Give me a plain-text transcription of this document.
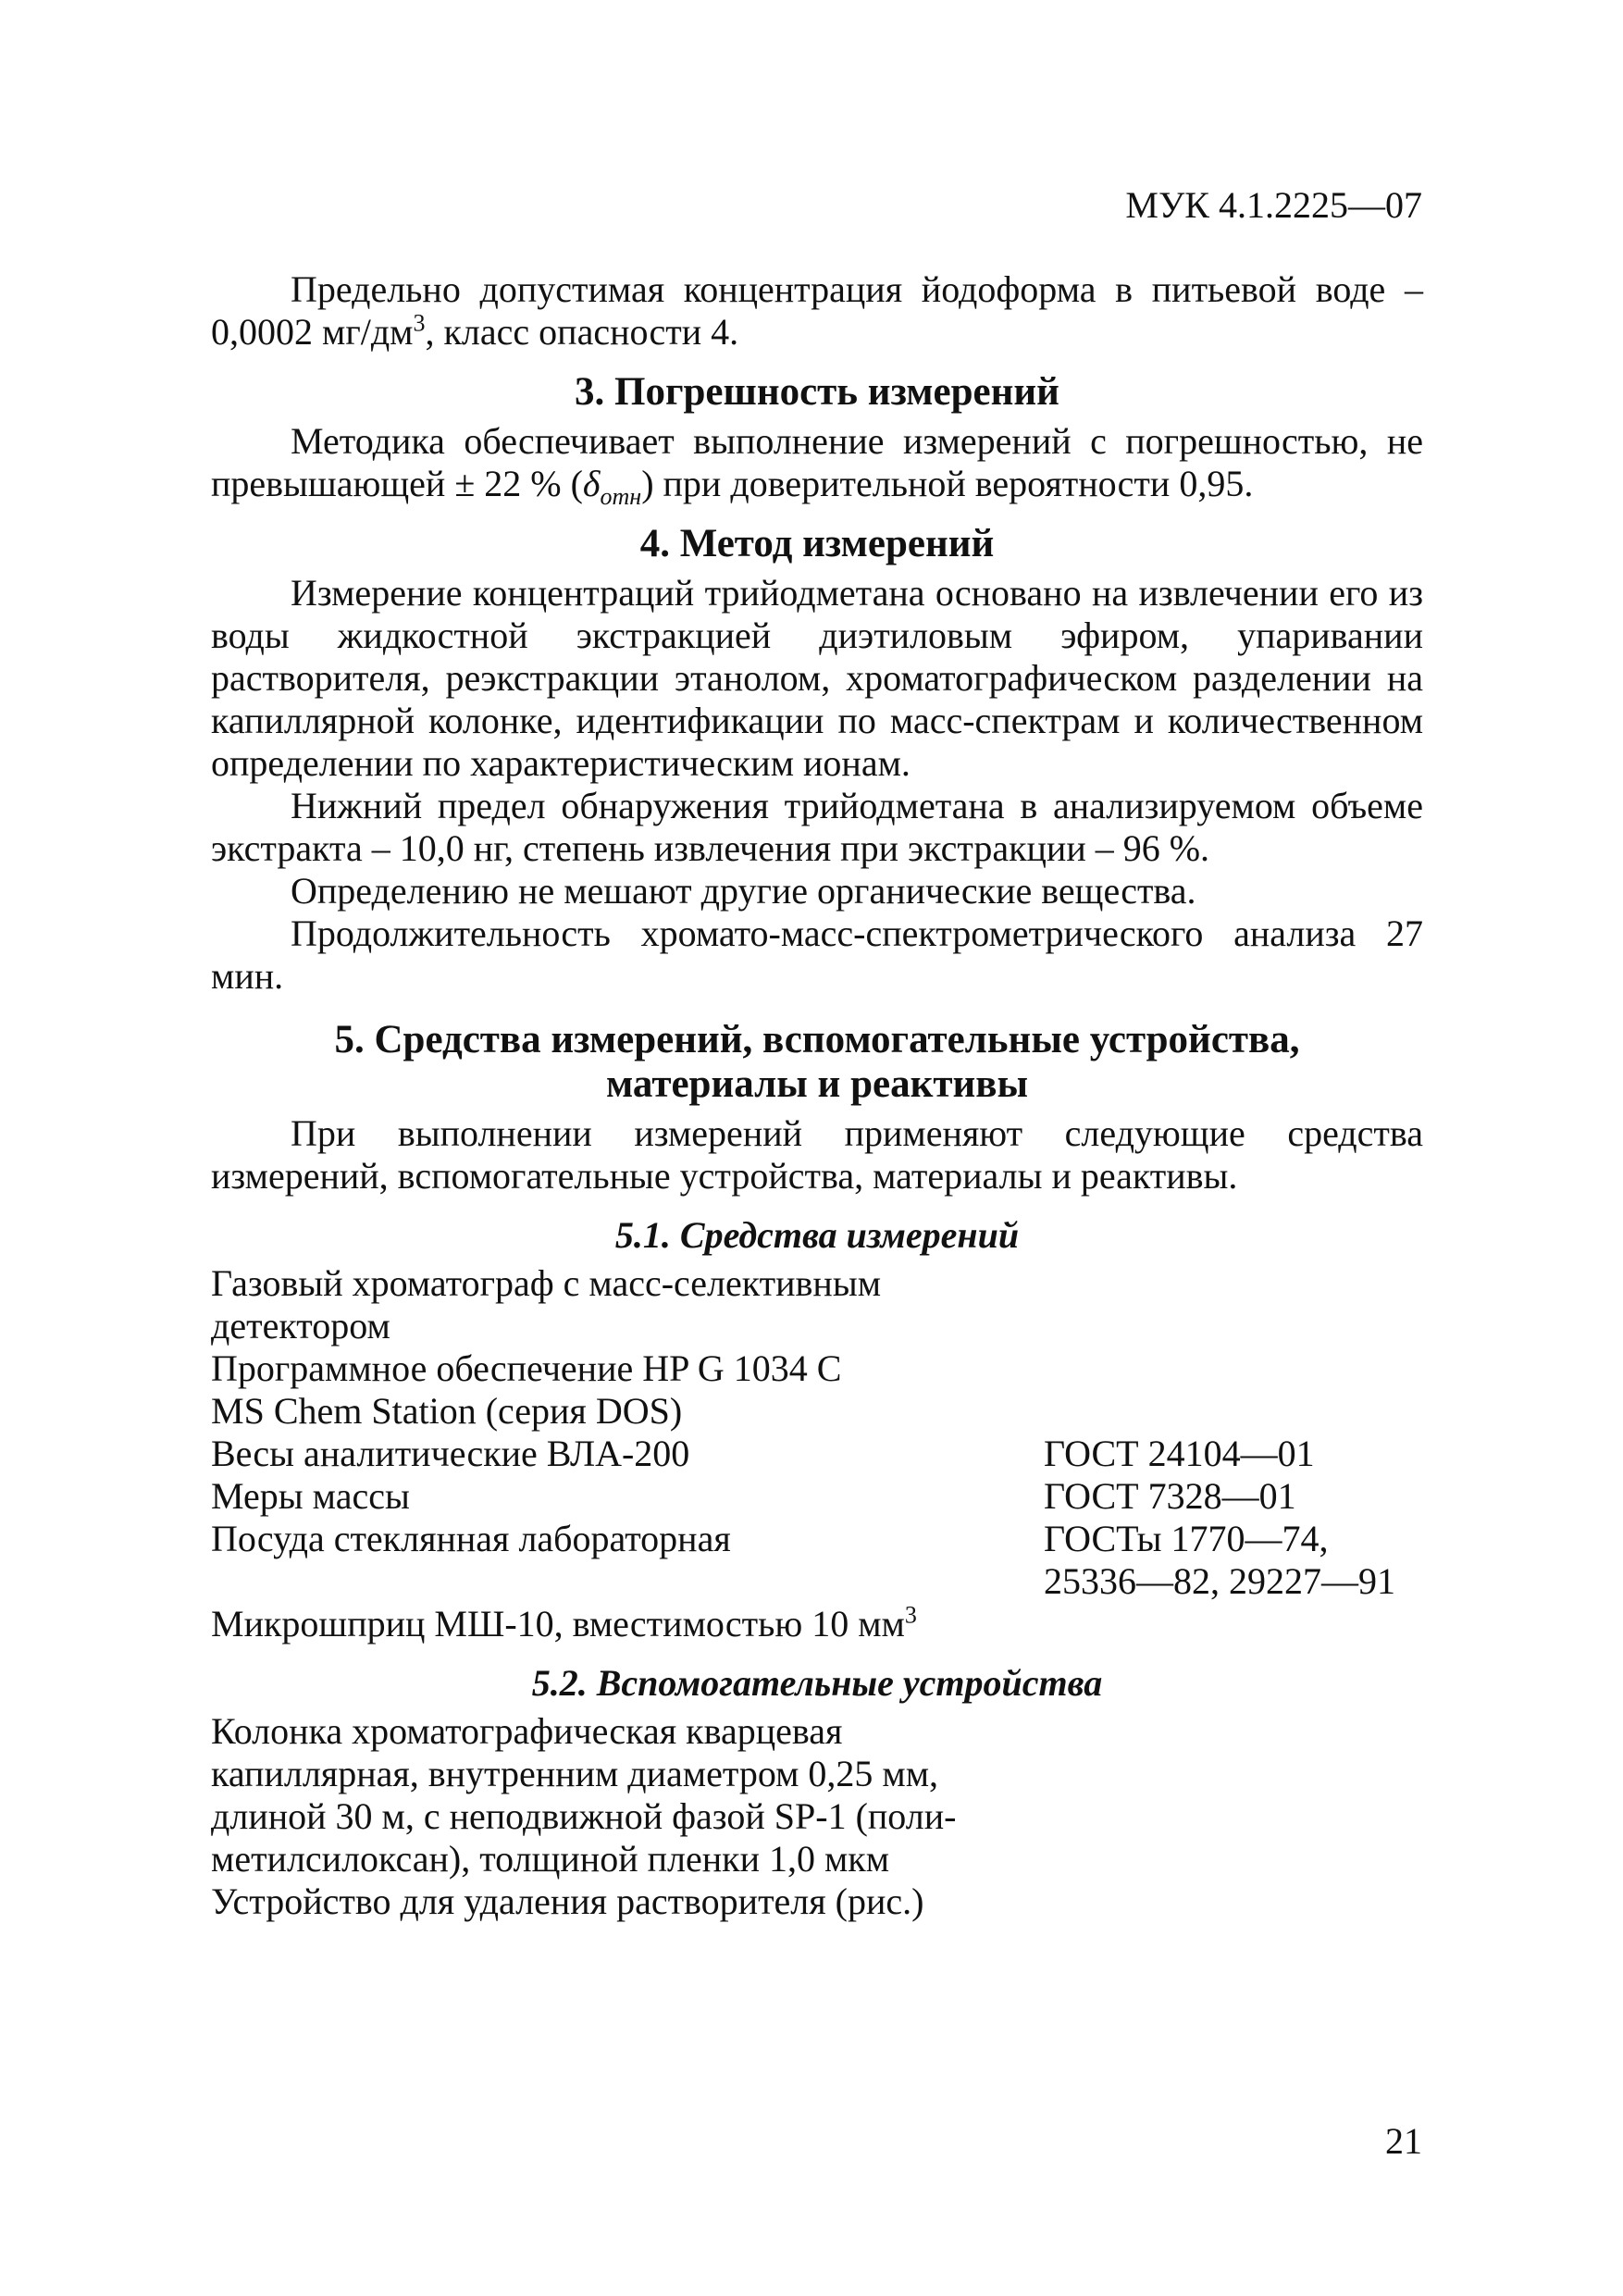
МУК 4.1.2225—07

Предельно допустимая концентрация йодоформа в питьевой воде – 0,0002 $мг/дм^3$, класс опасности 4.

3. Погрешность измерений

Методика обеспечивает выполнение измерений с погрешностью, не превышающей ± 22 % $(\delta_{отн})$ при доверительной вероятности 0,95.

4. Метод измерений

Измерение концентраций трийодметана основано на извлечении его из воды жидкостной экстракцией диэтиловым эфиром, упаривании растворителя, реэкстракции этанолом, хроматографическом разделении на капиллярной колонке, идентификации по масс-спектрам и количественном определении по характеристическим ионам.

Нижний предел обнаружения трийодметана в анализируемом объеме экстракта – 10,0 нг, степень извлечения при экстракции – 96 %.

Определению не мешают другие органические вещества.

Продолжительность хромато-масс-спектрометрического анализа 27 мин.

5. Средства измерений, вспомогательные устройства,
материалы и реактивы

При выполнении измерений применяют следующие средства измерений, вспомогательные устройства, материалы и реактивы.

5.1. Средства измерений
Газовый хроматограф с масс-селективным
детектором
Программное обеспечение HP G 1034 C
MS Chem Station (серия DOS)
Весы аналитические ВЛА-200	ГОСТ 24104—01
Меры массы	ГОСТ 7328—01
Посуда стеклянная лабораторная	ГОСТы 1770—74,
25336—82, 29227—91
Микрошприц МШ-10, вместимостью 10 $мм^3$
5.2. Вспомогательные устройства
Колонка хроматографическая кварцевая
капиллярная, внутренним диаметром 0,25 мм,
длиной 30 м, с неподвижной фазой SP-1 (поли-
метилсилоксан), толщиной пленки 1,0 мкм
Устройство для удаления растворителя (рис.)
21
